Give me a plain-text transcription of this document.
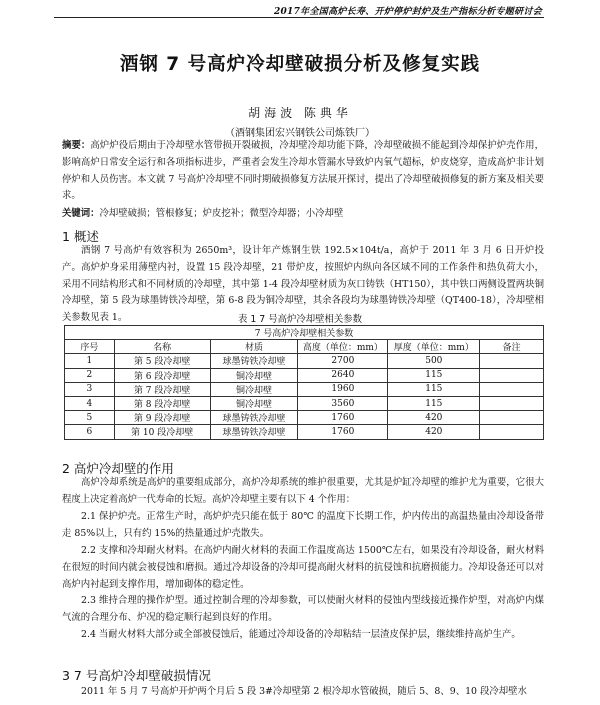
2017年全国高炉长寿、开炉停炉封炉及生产指标分析专题研讨会
酒钢 7 号高炉冷却壁破损分析及修复实践
胡海波 陈典华
（酒钢集团宏兴钢铁公司炼铁厂）

摘要：高炉炉役后期由于冷却壁水管带损开裂破损，冷却壁冷却功能下降，冷却壁破损不能起到冷却保护炉壳作用，影响高炉日常安全运行和各项指标进步，严重者会发生冷却水管漏水导致炉内氧气超标，炉皮烧穿，造成高炉非计划停炉和人员伤害。本文就 7 号高炉冷却壁不同时期破损修复方法展开探讨，提出了冷却壁破损修复的新方案及相关要求。

关键词：冷却壁破损；管根修复；炉皮挖补；微型冷却器；小冷却壁

1 概述

酒钢 7 号高炉有效容积为 2650m³，设计年产炼钢生铁 192.5×104t/a，高炉于 2011 年 3 月 6 日开炉投产。高炉炉身采用薄壁内衬，设置 15 段冷却壁，21 带炉皮，按照炉内纵向各区域不同的工作条件和热负荷大小，采用不同结构形式和不同材质的冷却壁，其中第 1-4 段冷却壁材质为灰口铸铁（HT150），其中铁口两侧设置两块铜冷却壁，第 5 段为球墨铸铁冷却壁，第 6-8 段为铜冷却壁，其余各段均为球墨铸铁冷却壁（QT400-18），冷却壁相关参数见表 1。	表 1 7 号高炉冷却壁相关参数
7 号高炉冷却壁相关参数					
序号	名称	材质	高度（单位：mm）	厚度（单位：mm）	备注
1	第 5 段冷却壁	球墨铸铁冷却壁	2700	500	
2	第 6 段冷却壁	铜冷却壁	2640	115	
3	第 7 段冷却壁	铜冷却壁	1960	115	
4	第 8 段冷却壁	铜冷却壁	3560	115	
5	第 9 段冷却壁	球墨铸铁冷却壁	1760	420	
6	第 10 段冷却壁	球墨铸铁冷却壁	1760	420	
2 高炉冷却壁的作用

高炉冷却系统是高炉的重要组成部分，高炉冷却系统的维护很重要，尤其是炉缸冷却壁的维护尤为重要，它很大程度上决定着高炉一代寿命的长短。高炉冷却壁主要有以下 4 个作用：

2.1 保护炉壳。正常生产时，高炉炉壳只能在低于 80℃ 的温度下长期工作，炉内传出的高温热量由冷却设备带走 85%以上，只有约 15%的热量通过炉壳散失。

2.2 支撑和冷却耐火材料。在高炉内耐火材料的表面工作温度高达 1500℃左右，如果没有冷却设备，耐火材料在很短的时间内就会被侵蚀和磨损。通过冷却设备的冷却可提高耐火材料的抗侵蚀和抗磨损能力。冷却设备还可以对高炉内衬起到支撑作用，增加砌体的稳定性。

2.3 维持合理的操作炉型。通过控制合理的冷却参数，可以使耐火材料的侵蚀内型线接近操作炉型，对高炉内煤气流的合理分布、炉况的稳定顺行起到良好的作用。

2.4 当耐火材料大部分或全部被侵蚀后，能通过冷却设备的冷却粘结一层渣皮保护层，继续维持高炉生产。

3 7 号高炉冷却壁破损情况

2011 年 5 月 7 号高炉开炉两个月后 5 段 3#冷却壁第 2 根冷却水管破损，随后 5、8、9、10 段冷却壁水
